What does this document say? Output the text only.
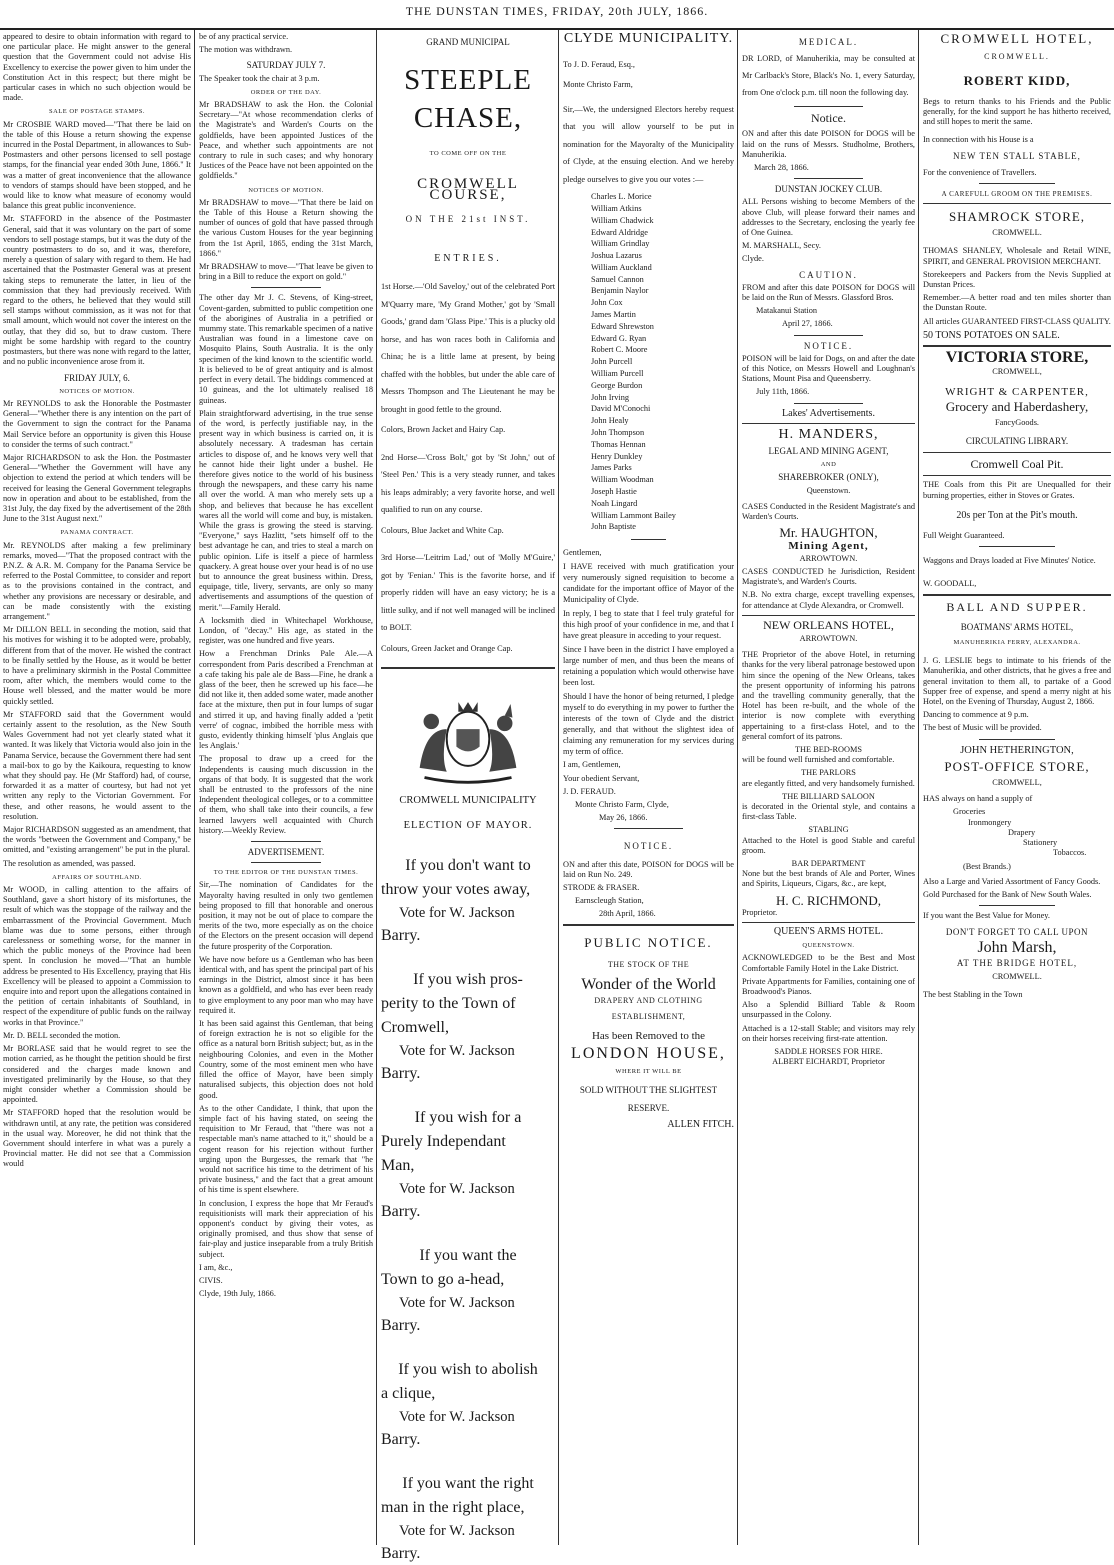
THE DUNSTAN TIMES, FRIDAY, 20th JULY, 1866.

appeared to desire to obtain information with regard to one particular place. He might answer to the general question that the Government could not advise His Excellency to exercise the power given to him under the Constitution Act in this respect; but there might be particular cases in which no such objection would be made.

SALE OF POSTAGE STAMPS.

Mr CROSBIE WARD moved—"That there be laid on the table of this House a return showing the expense incurred in the Postal Department, in allowances to Sub-Postmasters and other persons licensed to sell postage stamps, for the financial year ended 30th June, 1866." It was a matter of great inconvenience that the allowance to vendors of stamps should have been stopped, and he would like to know what measure of economy would balance this great public inconvenience.

Mr. STAFFORD in the absence of the Postmaster General, said that it was voluntary on the part of some vendors to sell postage stamps, but it was the duty of the country postmasters to do so, and it was, therefore, merely a question of salary with regard to them. He had ascertained that the Postmaster General was at present taking steps to remunerate the latter, in lieu of the commission that they had previously received. With regard to the others, he believed that they would still sell stamps without commission, as it was not for that small amount, which would not cover the interest on the outlay, that they did so, but to draw custom. There might be some hardship with regard to the country postmasters, but there was none with regard to the latter, and no public inconvenience arose from it.

FRIDAY JULY, 6.
NOTICES OF MOTION.

Mr REYNOLDS to ask the Honorable the Postmaster General—"Whether there is any intention on the part of the Government to sign the contract for the Panama Mail Service before an opportunity is given this House to consider the terms of such contract."

Major RICHARDSON to ask the Hon. the Postmaster General—"Whether the Government will have any objection to extend the period at which tenders will be received for leasing the General Government telegraphs now in operation and about to be established, from the 31st July, the day fixed by the advertisement of the 28th June to the 31st August next."

PANAMA CONTRACT.

Mr. REYNOLDS after making a few preliminary remarks, moved—"That the proposed contract with the P.N.Z. & A.R. M. Company for the Panama Service be referred to the Postal Committee, to consider and report as to the provisions contained in the contract, and whether any provisions are necessary or desirable, and can be made consistently with the existing arrangement."

Mr DILLON BELL in seconding the motion, said that his motives for wishing it to be adopted were, probably, different from that of the mover. He wished the contract to be finally settled by the House, as it would be better to have a preliminary skirmish in the Postal Committee room, after which, the members would come to the House well blessed, and the matter would be more quickly settled.

Mr STAFFORD said that the Government would certainly assent to the resolution, as the New South Wales Government had not yet clearly stated what it wanted. It was likely that Victoria would also join in the Panama Service, because the Government there had sent a mail-box to go by the Kaikoura, requesting to know what they should pay. He (Mr Stafford) had, of course, forwarded it as a matter of courtesy, but had not yet written any reply to the Victorian Government. For these, and other reasons, he would assent to the resolution.

Major RICHARDSON suggested as an amendment, that the words "between the Government and Company," be omitted, and "existing arrangement" be put in the plural.

The resolution as amended, was passed.

AFFAIRS OF SOUTHLAND.

Mr WOOD, in calling attention to the affairs of Southland, gave a short history of its misfortunes, the result of which was the stoppage of the railway and the embarrassment of the Provincial Government. Much blame was due to some persons, either through carelessness or something worse, for the manner in which the public moneys of the Province had been spent. In conclusion he moved—"That an humble address be presented to His Excellency, praying that His Excellency will be pleased to appoint a Commission to enquire into and report upon the allegations contained in the petition of certain inhabitants of Southland, in respect of the expenditure of public funds on the railway works in that Province."

Mr. D. BELL seconded the motion.

Mr BORLASE said that he would regret to see the motion carried, as he thought the petition should be first considered and the charges made known and investigated preliminarily by the House, so that they might consider whether a Commission should be appointed.

Mr STAFFORD hoped that the resolution would be withdrawn until, at any rate, the petition was considered in the usual way. Moreover, he did not think that the Government should interfere in what was a purely a Provincial matter. He did not see that a Commission would

be of any practical service.

The motion was withdrawn.

SATURDAY JULY 7.

The Speaker took the chair at 3 p.m.

ORDER OF THE DAY.

Mr BRADSHAW to ask the Hon. the Colonial Secretary—"At whose recommendation clerks of the Magistrate's and Warden's Courts on the goldfields, have been appointed Justices of the Peace, and whether such appointments are not contrary to rule in such cases; and why honorary Justices of the Peace have not been appointed on the goldfields."

NOTICES OF MOTION.

Mr BRADSHAW to move—"That there be laid on the Table of this House a Return showing the number of ounces of gold that have passed through the various Custom Houses for the year beginning from the 1st April, 1865, ending the 31st March, 1866."

Mr BRADSHAW to move—"That leave be given to bring in a Bill to reduce the export on gold."

The other day Mr J. C. Stevens, of King-street, Covent-garden, submitted to public competition one of the aborigines of Australia in a petrified or mummy state. This remarkable specimen of a native Australian was found in a limestone cave on Mosquito Plains, South Australia. It is the only specimen of the kind known to the scientific world. It is believed to be of great antiquity and is almost perfect in every detail. The biddings commenced at 10 guineas, and the lot ultimately realised 18 guineas.

Plain straightforward advertising, in the true sense of the word, is perfectly justifiable nay, in the present way in which business is carried on, it is absolutely necessary. A tradesman has certain articles to dispose of, and he knows very well that he cannot hide their light under a bushel. He therefore gives notice to the world of his business through the newspapers, and these carry his name all over the world. A man who merely sets up a shop, and believes that because he has excellent wares all the world will come and buy, is mistaken. While the grass is growing the steed is starving. "Everyone," says Hazlitt, "sets himself off to the best advantage he can, and tries to steal a march on public opinion. Life is itself a piece of harmless quackery. A great house over your head is of no use but to announce the great business within. Dress, equipage, title, livery, servants, are only so many advertisements and assumptions of the question of merit."—Family Herald.

A locksmith died in Whitechapel Workhouse, London, of "decay." His age, as stated in the register, was one hundred and five years.

How a Frenchman Drinks Pale Ale.—A correspondent from Paris described a Frenchman at a cafe taking his pale ale de Bass—Fine, he drank a glass of the beer, then he screwed up his face—he did not like it, then added some water, made another face at the mixture, then put in four lumps of sugar and stirred it up, and having finally added a 'petit verre' of cognac, imbibed the horrible mess with gusto, evidently thinking himself 'plus Anglais que les Anglais.'

The proposal to draw up a creed for the Independents is causing much discussion in the organs of that body. It is suggested that the work shall be entrusted to the professors of the nine Independent theological colleges, or to a committee of them, who shall take into their councils, a few learned lawyers well acquainted with Church history.—Weekly Review.

ADVERTISEMENT.
TO THE EDITOR OF THE DUNSTAN TIMES.

Sir,—The nomination of Candidates for the Mayoralty having resulted in only two gentlemen being proposed to fill that honorable and onerous position, it may not be out of place to compare the merits of the two, more especially as on the choice of the Electors on the present occasion will depend the future prosperity of the Corporation.

We have now before us a Gentleman who has been identical with, and has spent the principal part of his earnings in the District, almost since it has been known as a goldfield, and who has ever been ready to give employment to any poor man who may have required it.

It has been said against this Gentleman, that being of foreign extraction he is not so eligible for the office as a natural born British subject; but, as in the neighbouring Colonies, and even in the Mother Country, some of the most eminent men who have filled the office of Mayor, have been simply naturalised subjects, this objection does not hold good.

As to the other Candidate, I think, that upon the simple fact of his having stated, on seeing the requisition to Mr Feraud, that "there was not a respectable man's name attached to it," should be a cogent reason for his rejection without further urging upon the Burgesses, the remark that "he would not sacrifice his time to the detriment of his private business," and the fact that a great amount of his time is spent elsewhere.

In conclusion, I express the hope that Mr Feraud's requisitionists will mark their appreciation of his opponent's conduct by giving their votes, as originally promised, and thus show that sense of fair-play and justice inseparable from a truly British subject.

I am, &c.,

CIVIS.

Clyde, 19th July, 1866.

GRAND MUNICIPAL
STEEPLE CHASE,
TO COME OFF ON THE
CROMWELL COURSE,
ON THE 21st INST.
ENTRIES.

1st Horse.—'Old Saveloy,' out of the celebrated Port M'Quarry mare, 'My Grand Mother,' got by 'Small Goods,' grand dam 'Glass Pipe.' This is a plucky old horse, and has won races both in California and China; he is a little lame at present, by being chaffed with the hobbles, but under the able care of Messrs Thompson and The Lieutenant he may be brought in good fettle to the ground.

Colors, Brown Jacket and Hairy Cap.

2nd Horse—'Cross Bolt,' got by 'St John,' out of 'Steel Pen.' This is a very steady runner, and takes his leaps admirably; a very favorite horse, and well qualified to run on any course.

Colours, Blue Jacket and White Cap.

3rd Horse—'Leitrim Lad,' out of 'Molly M'Guire,' got by 'Fenian.' This is the favorite horse, and if properly ridden will have an easy victory; he is a little sulky, and if not well managed will be inclined to BOLT.

Colours, Green Jacket and Orange Cap.

CROMWELL MUNICIPALITY
ELECTION OF MAYOR.
If you don't want to
throw your votes away,
Vote for W. Jackson
Barry.
If you wish pros-
perity to the Town of
Cromwell,
Vote for W. Jackson
Barry.
If you wish for a
Purely Independant
Man,
Vote for W. Jackson
Barry.
If you want the
Town to go a-head,
Vote for W. Jackson
Barry.
If you wish to abolish
a clique,
Vote for W. Jackson
Barry.
If you want the right
man in the right place,
Vote for W. Jackson
Barry.
CLYDE MUNICIPALITY.

To J. D. Feraud, Esq.,

Monte Christo Farm,

Sir,—We, the undersigned Electors hereby request that you will allow yourself to be put in nomination for the Mayoralty of the Municipality of Clyde, at the ensuing election. And we hereby pledge ourselves to give you our votes :—

Charles L. Morice
William Atkins
William Chadwick
Edward Aldridge
William Grindlay
Joshua Lazarus
William Auckland
Samuel Cannon
Benjamin Naylor
John Cox
James Martin
Edward Shrewston
Edward G. Ryan
Robert C. Moore
John Purcell
William Purcell
George Burdon
John Irving
David M'Conochi
John Healy
John Thompson
Thomas Hennan
Henry Dunkley
James Parks
William Woodman
Joseph Hastie
Noah Lingard
William Lammont Bailey
John Baptiste

Gentlemen,

I HAVE received with much gratification your very numerously signed requisition to become a candidate for the important office of Mayor of the Municipality of Clyde.

In reply, I beg to state that I feel truly grateful for this high proof of your confidence in me, and that I have great pleasure in acceding to your request.

Since I have been in the district I have employed a large number of men, and thus been the means of retaining a population which would otherwise have been lost.

Should I have the honor of being returned, I pledge myself to do everything in my power to further the interests of the town of Clyde and the district generally, and that without the slightest idea of claiming any remuneration for my services during my term of office.

I am, Gentlemen,

Your obedient Servant,

J. D. FERAUD.

Monte Christo Farm, Clyde,

May 26, 1866.

NOTICE.

ON and after this date, POISON for DOGS will be laid on Run No. 249.

STRODE & FRASER.

Earnscleugh Station,

28th April, 1866.

PUBLIC NOTICE.
THE STOCK OF THE
Wonder of the World
DRAPERY AND CLOTHING
ESTABLISHMENT,
Has been Removed to the
LONDON HOUSE,
WHERE IT WILL BE
SOLD WITHOUT THE SLIGHTEST
RESERVE.
ALLEN FITCH.
MEDICAL.

DR LORD, of Manuherikia, may be consulted at Mr Carlback's Store, Black's No. 1, every Saturday, from One o'clock p.m. till noon the following day.

Notice.

ON and after this date POISON for DOGS will be laid on the runs of Messrs. Studholme, Brothers, Manuherikia.

March 28, 1866.

DUNSTAN JOCKEY CLUB.

ALL Persons wishing to become Members of the above Club, will please forward their names and addresses to the Secretary, enclosing the yearly fee of One Guinea.

M. MARSHALL, Secy.

Clyde.

CAUTION.

FROM and after this date POISON for DOGS will be laid on the Run of Messrs. Glassford Bros.

Matakanui Station

April 27, 1866.

NOTICE.

POISON will be laid for Dogs, on and after the date of this Notice, on Messrs Howell and Loughnan's Stations, Mount Pisa and Queensberry.

July 11th, 1866.

Lakes' Advertisements.
H. MANDERS,
LEGAL AND MINING AGENT,
AND
SHAREBROKER (ONLY),
Queenstown.

CASES Conducted in the Resident Magistrate's and Warden's Courts.

Mr. HAUGHTON,
Mining Agent,
ARROWTOWN.

CASES CONDUCTED he Jurisdiction, Resident Magistrate's, and Warden's Courts.

N.B. No extra charge, except travelling expenses, for attendance at Clyde Alexandra, or Cromwell.

NEW ORLEANS HOTEL,
ARROWTOWN.

THE Proprietor of the above Hotel, in returning thanks for the very liberal patronage bestowed upon him since the opening of the New Orleans, takes the present opportunity of informing his patrons and the travelling community generally, that the Hotel has been re-built, and the whole of the interior is now complete with everything appertaining to a first-class Hotel, and to the general comfort of its patrons.

THE BED-ROOMS

will be found well furnished and comfortable.

THE PARLORS

are elegantly fitted, and very handsomely furnished.

THE BILLIARD SALOON

is decorated in the Oriental style, and contains a first-class Table.

STABLING

Attached to the Hotel is good Stable and careful groom.

BAR DEPARTMENT

None but the best brands of Ale and Porter, Wines and Spirits, Liqueurs, Cigars, &c., are kept,

H. C. RICHMOND,

Proprietor.

QUEEN'S ARMS HOTEL.
QUEENSTOWN.

ACKNOWLEDGED to be the Best and Most Comfortable Family Hotel in the Lake District.

Private Appartments for Families, containing one of Broadwood's Pianos.

Also a Splendid Billiard Table & Room unsurpassed in the Colony.

Attached is a 12-stall Stable; and visitors may rely on their horses receiving first-rate attention.

SADDLE HORSES FOR HIRE.
ALBERT EICHARDT, Proprietor
CROMWELL HOTEL,
CROMWELL.
ROBERT KIDD,

Begs to return thanks to his Friends and the Public generally, for the kind support he has hitherto received, and still hopes to merit the same.

In connection with his House is a

NEW TEN STALL STABLE,

For the convenience of Travellers.

A CAREFULL GROOM ON THE PREMISES.
SHAMROCK STORE,
CROMWELL.

THOMAS SHANLEY, Wholesale and Retail WINE, SPIRIT, and GENERAL PROVISION MERCHANT.

Storekeepers and Packers from the Nevis Supplied at Dunstan Prices.

Remember.—A better road and ten miles shorter than the Dunstan Route.

All articles GUARANTEED FIRST-CLASS QUALITY.

50 TONS POTATOES ON SALE.
VICTORIA STORE,
CROMWELL,
WRIGHT & CARPENTER,
Grocery and Haberdashery,
FancyGoods.
CIRCULATING LIBRARY.
Cromwell Coal Pit.

THE Coals from this Pit are Unequalled for their burning properties, either in Stoves or Grates.

20s per Ton at the Pit's mouth.

Full Weight Guaranteed.

Waggons and Drays loaded at Five Minutes' Notice.

W. GOODALL,

BALL AND SUPPER.
BOATMANS' ARMS HOTEL,
MANUHERIKIA FERRY, ALEXANDRA.

J. G. LESLIE begs to intimate to his friends of the Manuherikia, and other districts, that he gives a free and general invitation to them all, to partake of a Good Supper free of expense, and spend a merry night at his Hotel, on the Evening of Thursday, August 2, 1866.

Dancing to commence at 9 p.m.

The best of Music will be provided.

JOHN HETHERINGTON,
POST-OFFICE STORE,
CROMWELL,

HAS always on hand a supply of

Groceries
Ironmongery
Drapery
Stationery
Tobaccos.
(Best Brands.)

Also a Large and Varied Assortment of Fancy Goods.

Gold Purchased for the Bank of New South Wales.

If you want the Best Value for Money.

DON'T FORGET TO CALL UPON
John Marsh,
AT THE BRIDGE HOTEL,
CROMWELL.

The best Stabling in the Town
